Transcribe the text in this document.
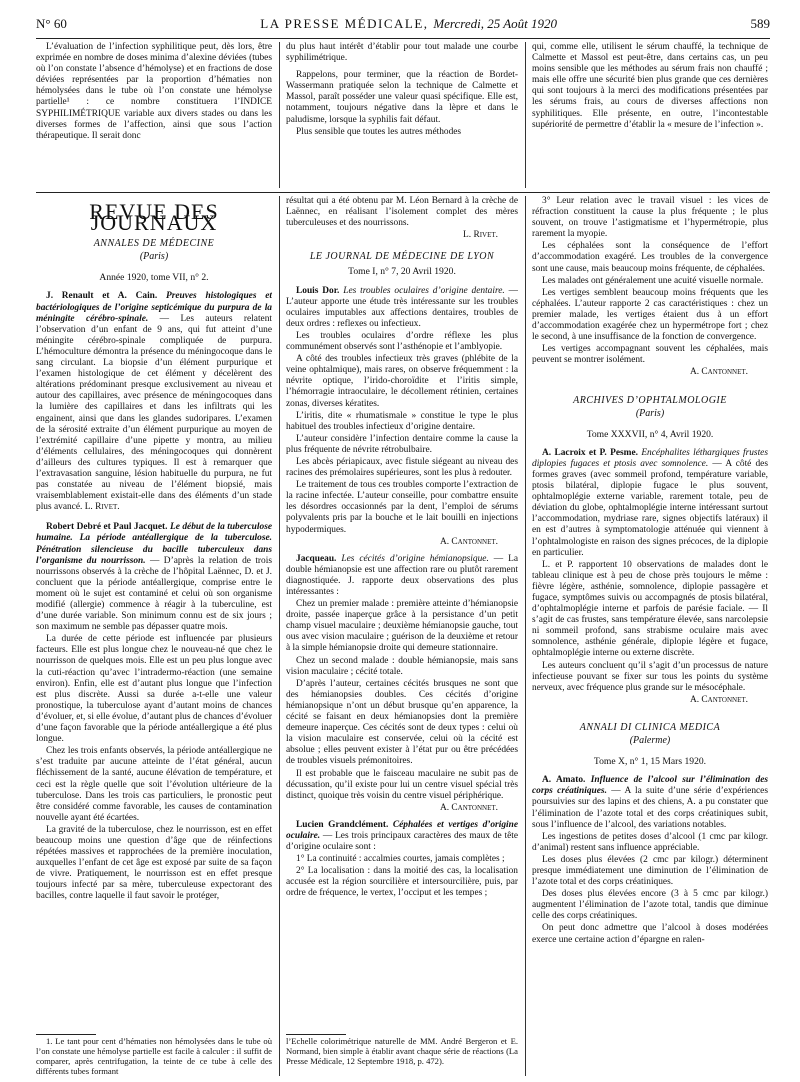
N° 60	LA PRESSE MÉDICALE, Mercredi, 25 Août 1920	589

L’évaluation de l’infection syphilitique peut, dès lors, être exprimée en nombre de doses minima d’alexine déviées (tubes où l’on constate l’absence d’hémolyse) et en fractions de dose déviées représentées par la proportion d’hématies non hémolysées dans le tube où l’on constate une hémolyse partielle¹ : ce nombre constituera l’INDICE SYPHILIMÉTRIQUE variable aux divers stades ou dans les diverses formes de l’affection, ainsi que sous l’action thérapeutique. Il serait donc

du plus haut intérêt d’établir pour tout malade une courbe syphilimétrique.

Rappelons, pour terminer, que la réaction de Bordet-Wassermann pratiquée selon la technique de Calmette et Massol, paraît posséder une valeur quasi spécifique. Elle est, notamment, toujours négative dans la lèpre et dans le paludisme, lorsque la syphilis fait défaut.

Plus sensible que toutes les autres méthodes

qui, comme elle, utilisent le sérum chauffé, la technique de Calmette et Massol est peut-être, dans certains cas, un peu moins sensible que les méthodes au sérum frais non chauffé ; mais elle offre une sécurité bien plus grande que ces dernières qui sont toujours à la merci des modifications présentées par les sérums frais, au cours de diverses affections non syphilitiques. Elle présente, en outre, l’incontestable supériorité de permettre d’établir la « mesure de l’infection ».

REVUE DES JOURNAUX
ANNALES DE MÉDECINE
(Paris)
Année 1920, tome VII, n° 2.

J. Renault et A. Cain. Preuves histologiques et bactériologiques de l’origine septicémique du purpura de la méningite cérébro-spinale. — Les auteurs relatent l’observation d’un enfant de 9 ans, qui fut atteint d’une méningite cérébro-spinale compliquée de purpura. L’hémoculture démontra la présence du méningocoque dans le sang circulant. La biopsie d’un élément purpurique et l’examen histologique de cet élément y décelèrent des altérations prédominant presque exclusivement au niveau et autour des capillaires, avec présence de méningocoques dans la lumière des capillaires et dans les infiltrats qui les engainent, ainsi que dans les glandes sudoripares. L’examen de la sérosité extraite d’un élément purpurique au moyen de l’extrémité capillaire d’une pipette y montra, au milieu d’éléments cellulaires, des méningocoques qui donnèrent d’ailleurs des cultures typiques. Il est à remarquer que l’extravasation sanguine, lésion habituelle du purpura, ne fut pas constatée au niveau de l’élément biopsié, mais vraisemblablement existait-elle dans des éléments d’un stade plus avancé. L. Rivet.

Robert Debré et Paul Jacquet. Le début de la tuberculose humaine. La période antéallergique de la tuberculose. Pénétration silencieuse du bacille tuberculeux dans l’organisme du nourrisson. — D’après la relation de trois nourrissons observés à la crèche de l’hôpital Laënnec, D. et J. concluent que la période antéallergique, comprise entre le moment où le sujet est contaminé et celui où son organisme modifié (allergie) commence à réagir à la tuberculine, est d’une durée variable. Son minimum connu est de six jours ; son maximum ne semble pas dépasser quatre mois.

La durée de cette période est influencée par plusieurs facteurs. Elle est plus longue chez le nouveau-né que chez le nourrisson de quelques mois. Elle est un peu plus longue avec la cuti-réaction qu’avec l’intradermo-réaction (une semaine environ). Enfin, elle est d’autant plus longue que l’infection est plus discrète. Aussi sa durée a-t-elle une valeur pronostique, la tuberculose ayant d’autant moins de chances d’évoluer, et, si elle évolue, d’autant plus de chances d’évoluer d’une façon favorable que la période antéallergique a été plus longue.

Chez les trois enfants observés, la période antéallergique ne s’est traduite par aucune atteinte de l’état général, aucun fléchissement de la santé, aucune élévation de température, et ceci est la règle quelle que soit l’évolution ultérieure de la tuberculose. Dans les trois cas particuliers, le pronostic peut être considéré comme favorable, les causes de contamination nouvelle ayant été écartées.

La gravité de la tuberculose, chez le nourrisson, est en effet beaucoup moins une question d’âge que de réinfections répétées massives et rapprochées de la première inoculation, auxquelles l’enfant de cet âge est exposé par suite de sa façon de vivre. Pratiquement, le nourrisson est en effet presque toujours infecté par sa mère, tuberculeuse expectorant des bacilles, contre laquelle il faut savoir le protéger,

1. Le tant pour cent d’hématies non hémolysées dans le tube où l’on constate une hémolyse partielle est facile à calculer : il suffit de comparer, après centrifugation, la teinte de ce tube à celle des différents tubes formant

résultat qui a été obtenu par M. Léon Bernard à la crèche de Laënnec, en réalisant l’isolement complet des mères tuberculeuses et des nourrissons.

L. Rivet.
LE JOURNAL DE MÉDECINE DE LYON
Tome I, n° 7, 20 Avril 1920.

Louis Dor. Les troubles oculaires d’origine dentaire. — L’auteur apporte une étude très intéressante sur les troubles oculaires imputables aux affections dentaires, troubles de deux ordres : reflexes ou infectieux.

Les troubles oculaires d’ordre réflexe les plus communément observés sont l’asthénopie et l’amblyopie.

A côté des troubles infectieux très graves (phlébite de la veine ophtalmique), mais rares, on observe fréquemment : la névrite optique, l’irido-choroïdite et l’iritis simple, l’hémorragie intraoculaire, le décollement rétinien, certaines zonas, diverses kératites.

L’iritis, dite « rhumatismale » constitue le type le plus habituel des troubles infectieux d’origine dentaire.

L’auteur considère l’infection dentaire comme la cause la plus fréquente de névrite rétrobulbaire.

Les abcès périapicaux, avec fistule siégeant au niveau des racines des prémolaires supérieures, sont les plus à redouter.

Le traitement de tous ces troubles comporte l’extraction de la racine infectée. L’auteur conseille, pour combattre ensuite les désordres occasionnés par la dent, l’emploi de sérums polyvalents pris par la bouche et le lait bouilli en injections hypodermiques.

A. Cantonnet.

Jacqueau. Les cécités d’origine hémianopsique. — La double hémianopsie est une affection rare ou plutôt rarement diagnostiquée. J. rapporte deux observations des plus intéressantes :

Chez un premier malade : première atteinte d’hémianopsie droite, passée inaperçue grâce à la persistance d’un petit champ visuel maculaire ; deuxième hémianopsie gauche, tout ous avec vision maculaire ; guérison de la deuxième et retour à la simple hémianopsie droite qui demeure stationnaire.

Chez un second malade : double hémianopsie, mais sans vision maculaire ; cécité totale.

D’après l’auteur, certaines cécités brusques ne sont que des hémianopsies doubles. Ces cécités d’origine hémianopsique n’ont un début brusque qu’en apparence, la cécité se faisant en deux hémianopsies dont la première demeure inaperçue. Ces cécités sont de deux types : celui où la vision maculaire est conservée, celui où la cécité est absolue ; elles peuvent exister à l’état pur ou être précédées de troubles visuels prémonitoires.

Il est probable que le faisceau maculaire ne subit pas de décussation, qu’il existe pour lui un centre visuel spécial très distinct, quoique très voisin du centre visuel périphérique.

A. Cantonnet.

Lucien Grandclément. Céphalées et vertiges d’origine oculaire. — Les trois principaux caractères des maux de tête d’origine oculaire sont :

1° La continuité : accalmies courtes, jamais complètes ;

2° La localisation : dans la moitié des cas, la localisation accusée est la région sourcilière et intersourcilière, puis, par ordre de fréquence, le vertex, l’occiput et les tempes ;

l’Echelle colorimétrique naturelle de MM. André Bergeron et E. Normand, bien simple à établir avant chaque série de réactions (La Presse Médicale, 12 Septembre 1918, p. 472).

3° Leur relation avec le travail visuel : les vices de réfraction constituent la cause la plus fréquente ; le plus souvent, on trouve l’astigmatisme et l’hypermétropie, plus rarement la myopie.

Les céphalées sont la conséquence de l’effort d’accommodation exagéré. Les troubles de la convergence sont une cause, mais beaucoup moins fréquente, de céphalées.

Les malades ont généralement une acuité visuelle normale.

Les vertiges semblent beaucoup moins fréquents que les céphalées. L’auteur rapporte 2 cas caractéristiques : chez un premier malade, les vertiges étaient dus à un effort d’accommodation exagérée chez un hypermétrope fort ; chez le second, à une insuffisance de la fonction de convergence.

Les vertiges accompagnant souvent les céphalées, mais peuvent se montrer isolément.

A. Cantonnet.
ARCHIVES D’OPHTALMOLOGIE
(Paris)
Tome XXXVII, n° 4, Avril 1920.

A. Lacroix et P. Pesme. Encéphalites léthargiques frustes diplopies fugaces et ptosis avec somnolence. — A côté des formes graves (avec sommeil profond, température variable, ptosis bilatéral, diplopie fugace le plus souvent, ophtalmoplégie externe variable, rarement totale, peu de déviation du globe, ophtalmoplégie interne intéressant surtout l’accommodation, mydriase rare, signes objectifs latéraux) il en est d’autres à symptomatologie atténuée qui viennent à l’ophtalmologiste en raison des signes précoces, de la diplopie en particulier.

L. et P. rapportent 10 observations de malades dont le tableau clinique est à peu de chose près toujours le même : fièvre légère, asthénie, somnolence, diplopie passagère et fugace, symptômes suivis ou accompagnés de ptosis bilatéral, d’ophtalmoplégie interne et parfois de parésie faciale. — Il s’agit de cas frustes, sans température élevée, sans narcolepsie ni sommeil profond, sans strabisme oculaire mais avec somnolence, asthénie générale, diplopie légère et fugace, ophtalmoplégie interne ou externe discrète.

Les auteurs concluent qu’il s’agit d’un processus de nature infectieuse pouvant se fixer sur tous les points du système nerveux, avec fréquence plus grande sur le mésocéphale.

A. Cantonnet.
ANNALI DI CLINICA MEDICA
(Palerme)
Tome X, n° 1, 15 Mars 1920.

A. Amato. Influence de l’alcool sur l’élimination des corps créatiniques. — A la suite d’une série d’expériences poursuivies sur des lapins et des chiens, A. a pu constater que l’élimination de l’azote total et des corps créatiniques subit, sous l’influence de l’alcool, des variations notables.

Les ingestions de petites doses d’alcool (1 cmc par kilogr. d’animal) restent sans influence appréciable.

Les doses plus élevées (2 cmc par kilogr.) déterminent presque immédiatement une diminution de l’élimination de l’azote total et des corps créatiniques.

Des doses plus élevées encore (3 à 5 cmc par kilogr.) augmentent l’élimination de l’azote total, tandis que diminue celle des corps créatiniques.

On peut donc admettre que l’alcool à doses modérées exerce une certaine action d’épargne en ralen-
